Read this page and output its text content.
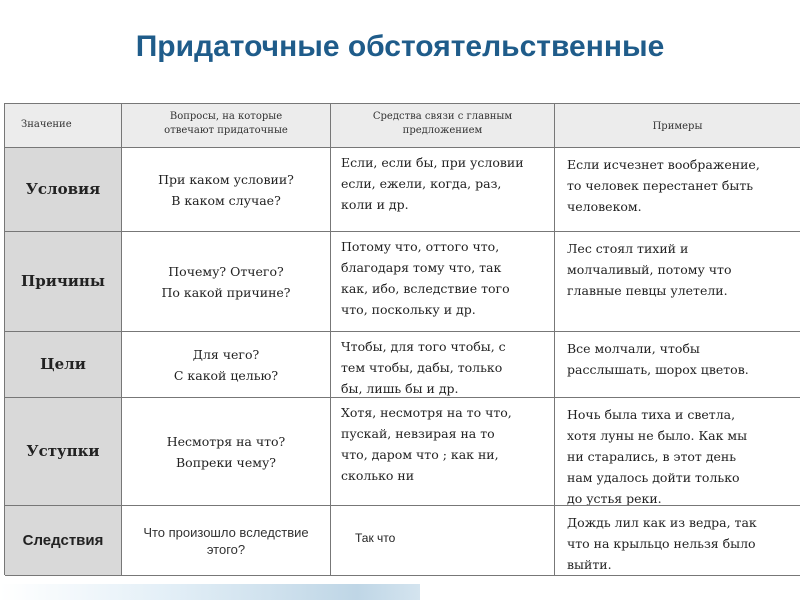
Придаточные обстоятельственные
Значение
Вопросы, на которые
отвечают придаточные
Средства связи с главным
предложением	Примеры
Условия
При каком условии?
В каком случае?
Если, если бы, при условии
если, ежели, когда, раз,
коли и др.
Если исчезнет воображение,
то человек перестанет быть
человеком.
Причины
Почему? Отчего?
По какой причине?
Потому что, оттого что,
благодаря тому что, так
как, ибо, вследствие того
что, поскольку и др.
Лес стоял тихий и
молчаливый, потому что
главные певцы улетели.
Цели
Для чего?
С какой целью?
Чтобы, для того чтобы, с
тем чтобы, дабы, только
бы, лишь бы и др.
Все молчали, чтобы
расслышать, шорох цветов.
Уступки
Несмотря на что?
Вопреки чему?
Хотя, несмотря на то что,
пускай, невзирая на то
что, даром что ; как ни,
сколько ни
Ночь была тиха и светла,
хотя луны не было. Как мы
ни старались, в этот день
нам удалось дойти только
до устья реки.
Следствия	Что произошло вследствие
этого?
Так что
Дождь лил как из ведра, так
что на крыльцо нельзя было
выйти.
